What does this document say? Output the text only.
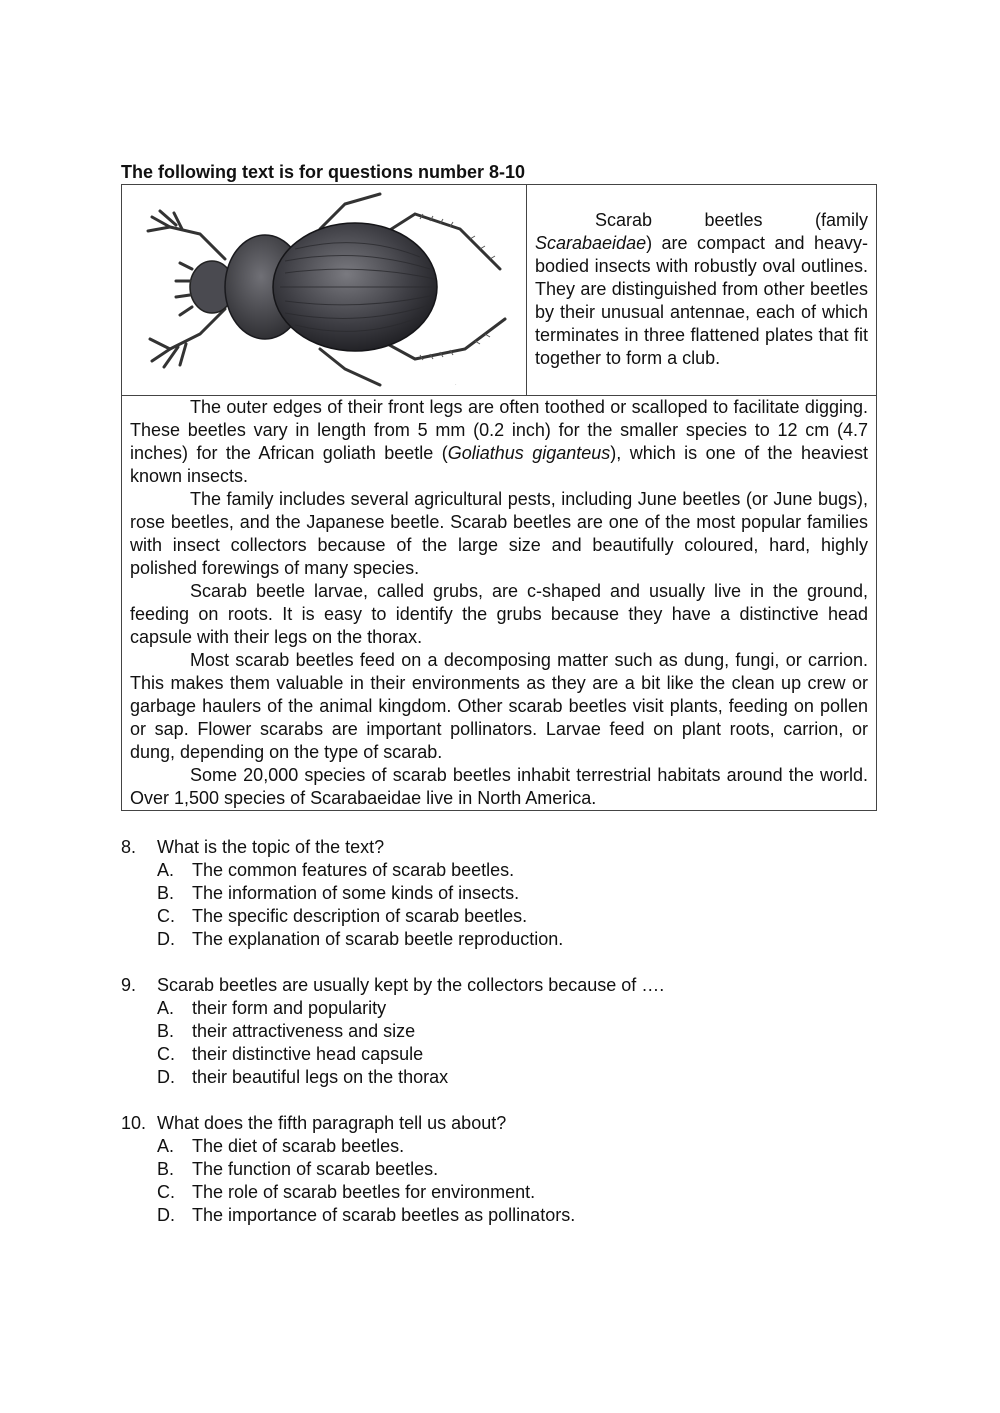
The following text is for questions number 8-10
.

Scarab beetles (family Scarabaeidae) are compact and heavy-bodied insects with robustly oval outlines. They are distinguished from other beetles by their unusual antennae, each of which terminates in three flattened plates that fit together to form a club.

The outer edges of their front legs are often toothed or scalloped to facilitate digging. These beetles vary in length from 5 mm (0.2 inch) for the smaller species to 12 cm (4.7 inches) for the African goliath beetle (Goliathus giganteus), which is one of the heaviest known insects.

The family includes several agricultural pests, including June beetles (or June bugs), rose beetles, and the Japanese beetle. Scarab beetles are one of the most popular families with insect collectors because of the large size and beautifully coloured, hard, highly polished forewings of many species.

Scarab beetle larvae, called grubs, are c-shaped and usually live in the ground, feeding on roots. It is easy to identify the grubs because they have a distinctive head capsule with their legs on the thorax.

Most scarab beetles feed on a decomposing matter such as dung, fungi, or carrion. This makes them valuable in their environments as they are a bit like the clean up crew or garbage haulers of the animal kingdom. Other scarab beetles visit plants, feeding on pollen or sap. Flower scarabs are important pollinators. Larvae feed on plant roots, carrion, or dung, depending on the type of scarab.

Some 20,000 species of scarab beetles inhabit terrestrial habitats around the world. Over 1,500 species of Scarabaeidae live in North America.

8.	What is the topic of the text?
A. The common features of scarab beetles.
B. The information of some kinds of insects.
C. The specific description of scarab beetles.
D. The explanation of scarab beetle reproduction.
9.	Scarab beetles are usually kept by the collectors because of ….
A. their form and popularity
B. their attractiveness and size
C. their distinctive head capsule
D. their beautiful legs on the thorax
10. What does the fifth paragraph tell us about?
A. The diet of scarab beetles.
B. The function of scarab beetles.
C. The role of scarab beetles for environment.
D. The importance of scarab beetles as pollinators.
